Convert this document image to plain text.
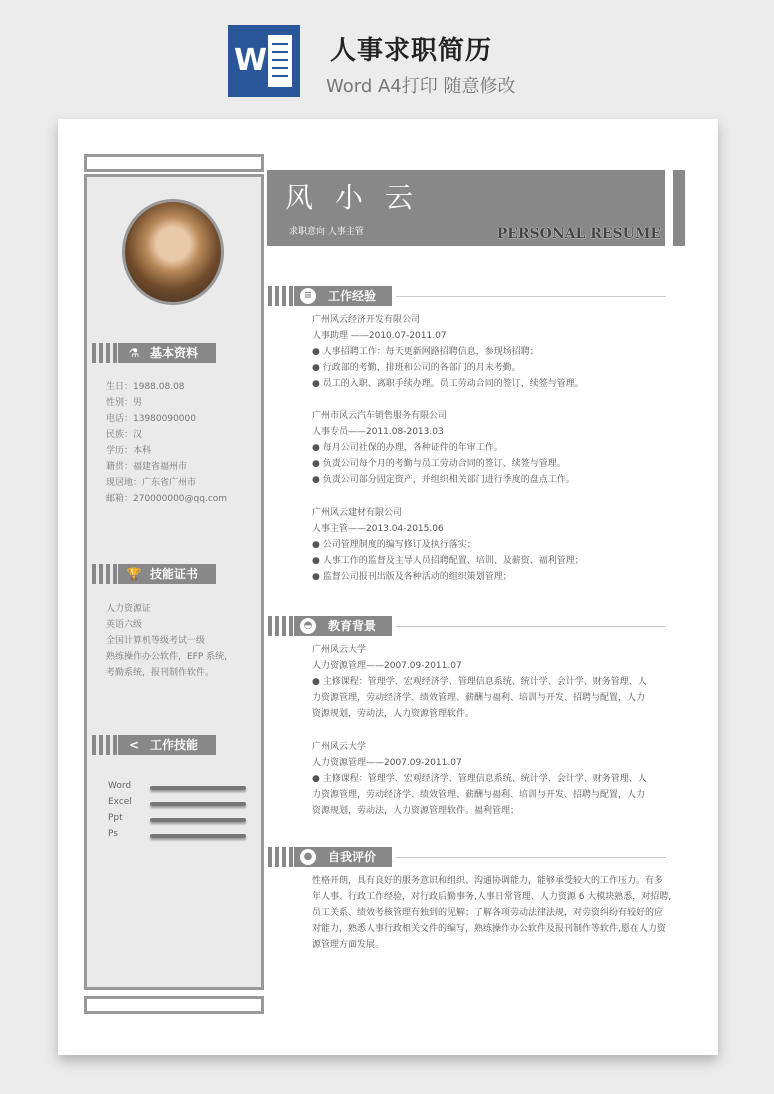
W 人事求职简历
Word A4打印 随意修改
⚗ 基本资料
生日：1988.08.08
性别：男
电话：13980090000
民族：汉
学历：本科
籍贯：福建省福州市
现居地：广东省广州市
邮箱：270000000@qq.com
🏆 技能证书
人力资源证
英语六级
全国计算机等级考试一级
熟练操作办公软件，EFP 系统，
考勤系统，报刊制作软件。
< 工作技能
Word
Excel
Ppt
Ps
风小云
求职意向 人事主管	PERSONAL RESUME
≡	工作经验
广州风云经济开发有限公司
人事助理 ——2010.07-2011.07
● 人事招聘工作：每天更新网路招聘信息，参现场招聘；
● 行政部的考勤，排班和公司的各部门的月末考勤。
● 员工的入职、离职手续办理。员工劳动合同的签订，续签与管理。
广州市风云汽车销售服务有限公司
人事专员——2011.08-2013.03
● 每月公司社保的办理，各种证件的年审工作。
● 负责公司每个月的考勤与员工劳动合同的签订、续签与管理。
● 负责公司部分固定资产，并组织相关部门进行季度的盘点工作。
广州风云建材有限公司
人事主管——2013.04-2015.06
● 公司管理制度的编写修订及执行落实；
● 人事工作的监督及主导人员招聘配置、培训、及薪资、福利管理；
● 监督公司报刊出版及各种活动的组织策划管理；
◓	教育背景
广州风云大学
人力资源管理——2007.09-2011.07
● 主修课程：管理学、宏观经济学、管理信息系统、统计学、会计学、财务管理、人
力资源管理，劳动经济学、绩效管理、薪酬与福利、培训与开发、招聘与配置，人力
资源规划，劳动法，人力资源管理软件。
广州风云大学
人力资源管理——2007.09-2011.07
● 主修课程：管理学、宏观经济学、管理信息系统、统计学、会计学、财务管理、人
力资源管理，劳动经济学、绩效管理、薪酬与福利、培训与开发、招聘与配置，人力
资源规划，劳动法，人力资源管理软件。福利管理；
●	自我评价
性格开朗，具有良好的服务意识和组织、沟通协调能力，能够承受较大的工作压力。有多
年人事、行政工作经验，对行政后勤事务,人事日常管理、人力资源 6 大模块熟悉，对招聘,
员工关系、绩效考核管理有独到的见解；了解各项劳动法律法规，对劳资纠纷有较好的应
对能力，熟悉人事行政相关文件的编写，熟练操作办公软件及报刊制作等软件,愿在人力资
源管理方面发展。
